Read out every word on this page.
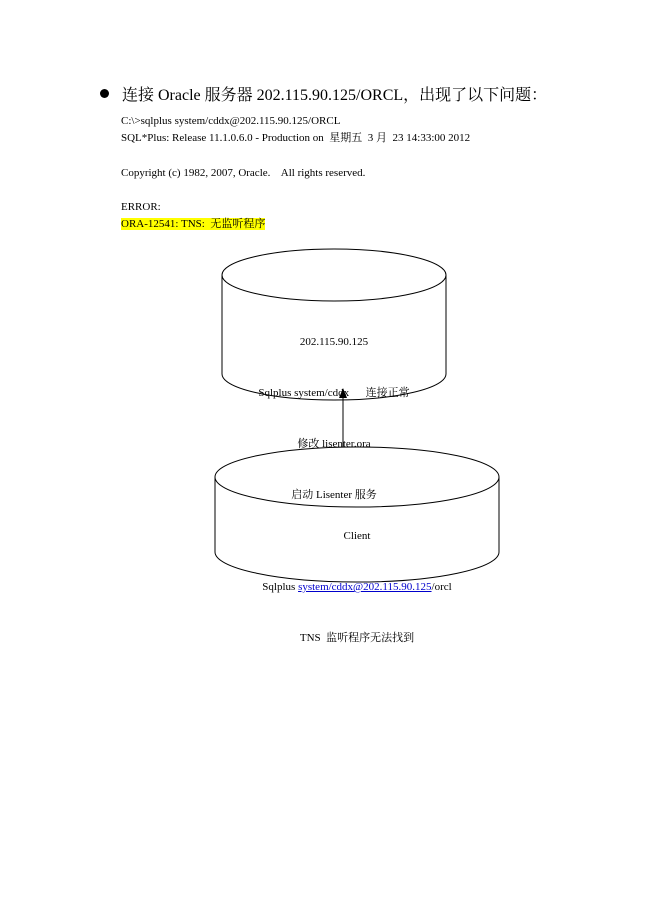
连接 Oracle 服务器 202.115.90.125/ORCL，出现了以下问题：
C:\>sqlplus system/cddx@202.115.90.125/ORCL
SQL*Plus: Release 11.1.0.6.0 - Production on  星期五  3 月  23 14:33:00 2012
Copyright (c) 1982, 2007, Oracle.    All rights reserved.
ERROR:
ORA-12541: TNS:  无监听程序

202.115.90.125

Sqlplus system/cddx      连接正常

修改 lisenter.ora

启动 Lisenter 服务

Client

Sqlplus system/cddx@202.115.90.125/orcl

TNS  监听程序无法找到
